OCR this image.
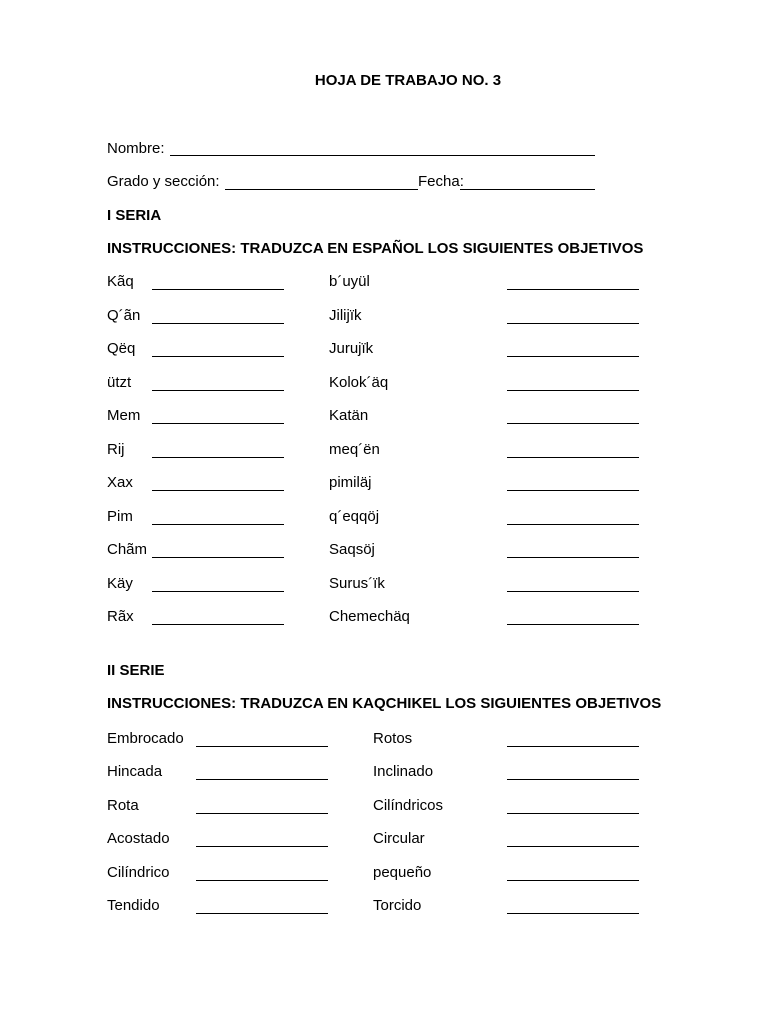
HOJA DE TRABAJO NO. 3
Nombre:
Grado y sección:	Fecha:
I SERIA
INSTRUCCIONES: TRADUZCA EN ESPAÑOL LOS SIGUIENTES OBJETIVOS
Kãq
Q´ãn
Qëq
ützt
Mem
Rij
Xax
Pim
Chãm
Käy
Rãx
b´uyül
Jilijïk
Jurujïk
Kolok´äq
Katän
meq´ën
pimiläj
q´eqqöj
Saqsöj
Surus´ïk
Chemechäq
II SERIE
INSTRUCCIONES: TRADUZCA EN KAQCHIKEL LOS SIGUIENTES OBJETIVOS
Embrocado
Hincada
Rota
Acostado
Cilíndrico
Tendido
Rotos
Inclinado
Cilíndricos
Circular
pequeño
Torcido
